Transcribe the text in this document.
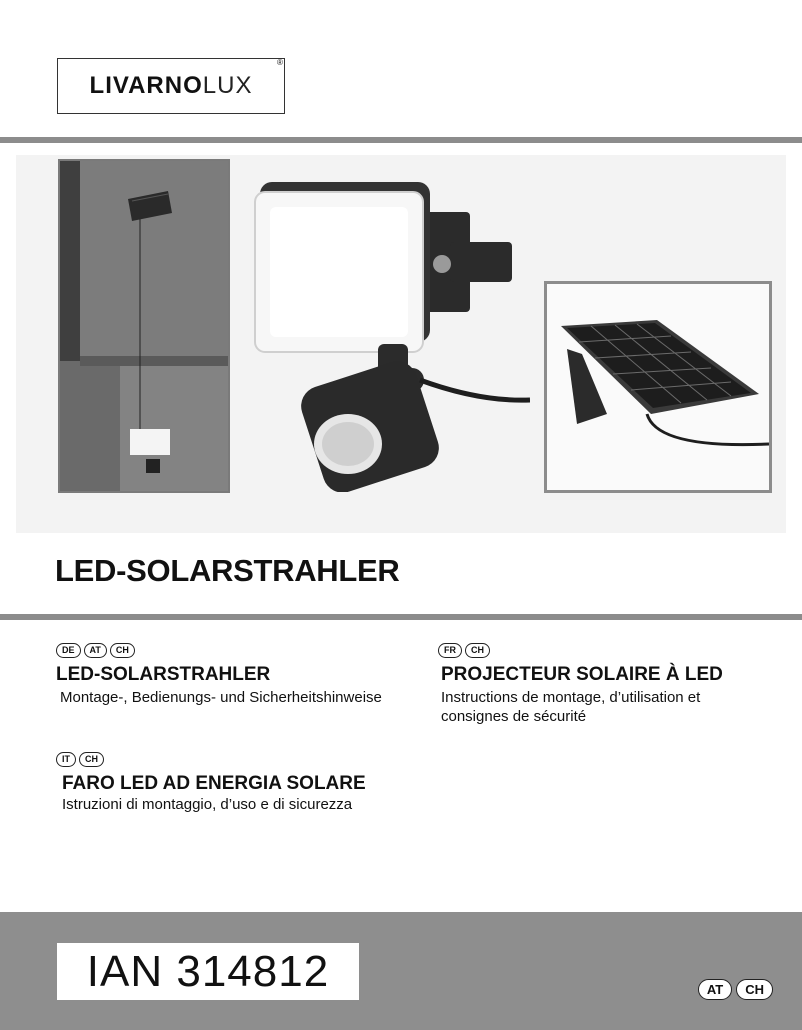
LIVARNO LUX
®
LED-SOLARSTRAHLER
DE AT CH
LED-SOLARSTRAHLER
Montage-, Bedienungs- und Sicherheitshinweise
FR CH
PROJECTEUR SOLAIRE À LED
Instructions de montage, d’utilisation et consignes de sécurité
IT CH
FARO LED AD ENERGIA SOLARE
Istruzioni di montaggio, d’uso e di sicurezza
IAN 314812	AT CH
